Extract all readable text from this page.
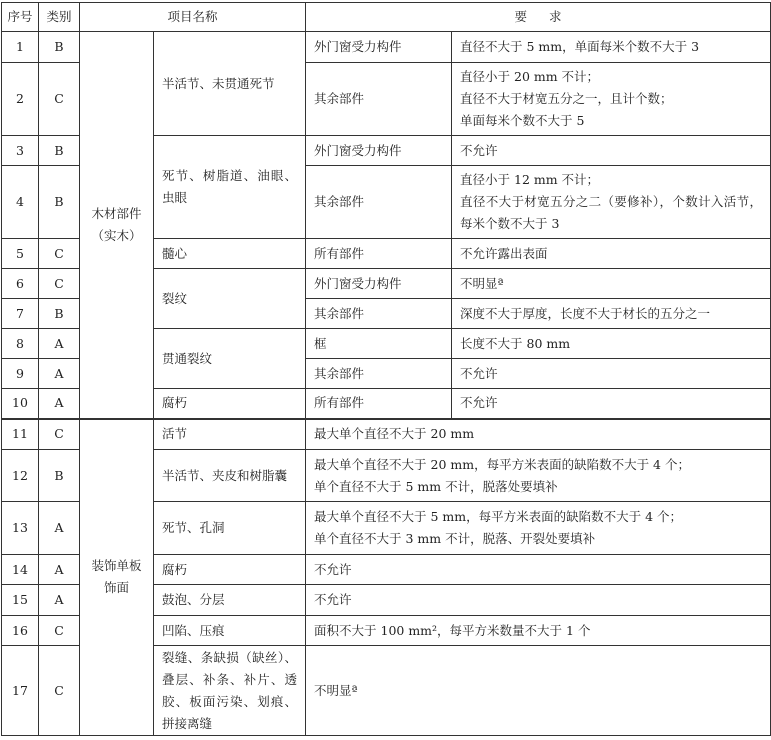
序号	类别	项目名称		要 求	
1	B	木材部件
（实木）	半活节、未贯通死节	外门窗受力构件	直径不大于 5 mm，单面每米个数不大于 3
2	C			其余部件	直径小于 20 mm 不计；
直径不大于材宽五分之一，且计个数；
单面每米个数不大于 5
3	B		死节、树脂道、油眼、虫眼	外门窗受力构件	不允许
4	B			其余部件	直径小于 12 mm 不计；
直径不大于材宽五分之二（要修补），个数计入活节，每米个数不大于 3
5	C		髓心	所有部件	不允许露出表面
6	C		裂纹	外门窗受力构件	不明显ª
7	B			其余部件	深度不大于厚度，长度不大于材长的五分之一
8	A		贯通裂纹	框	长度不大于 80 mm
9	A			其余部件	不允许
10	A		腐朽	所有部件	不允许
11	C	装饰单板
饰面	活节	最大单个直径不大于 20 mm	
12	B		半活节、夹皮和树脂囊	最大单个直径不大于 20 mm，每平方米表面的缺陷数不大于 4 个；
单个直径不大于 5 mm 不计，脱落处要填补	
13	A		死节、孔洞	最大单个直径不大于 5 mm，每平方米表面的缺陷数不大于 4 个；
单个直径不大于 3 mm 不计，脱落、开裂处要填补	
14	A		腐朽	不允许	
15	A		鼓泡、分层	不允许	
16	C		凹陷、压痕	面积不大于 100 mm²，每平方米数量不大于 1 个	
17	C		裂缝、条缺损（缺丝）、叠层、补条、补片、透胶、板面污染、划痕、拼接离缝	不明显ª	
